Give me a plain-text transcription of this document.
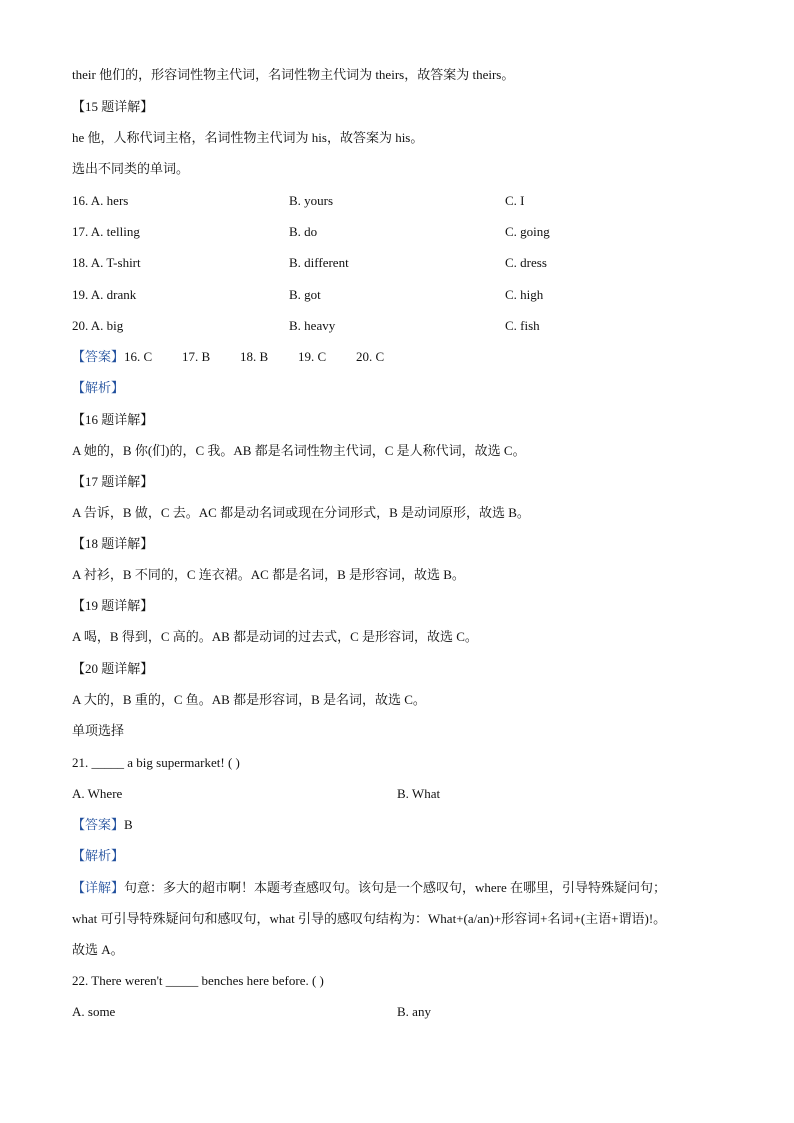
their 他们的，形容词性物主代词，名词性物主代词为 theirs，故答案为 theirs。
【15 题详解】
he 他，人称代词主格，名词性物主代词为 his，故答案为 his。
选出不同类的单词。
16. A. hers	B. yours	C. I
17. A. telling	B. do	C. going
18. A. T-shirt	B. different	C. dress
19. A. drank	B. got	C. high
20. A. big	B. heavy	C. fish
【答案】16. C 17. B 18. B 19. C 20. C
【解析】
【16 题详解】
A 她的，B 你(们)的，C 我。AB 都是名词性物主代词，C 是人称代词，故选 C。
【17 题详解】
A 告诉，B 做，C 去。AC 都是动名词或现在分词形式，B 是动词原形，故选 B。
【18 题详解】
A 衬衫，B 不同的，C 连衣裙。AC 都是名词，B 是形容词，故选 B。
【19 题详解】
A 喝，B 得到，C 高的。AB 都是动词的过去式，C 是形容词，故选 C。
【20 题详解】
A 大的，B 重的，C 鱼。AB 都是形容词，B 是名词，故选 C。
单项选择
21. _____ a big supermarket! ( )
A. Where	B. What
【答案】B
【解析】
【详解】句意：多大的超市啊！本题考查感叹句。该句是一个感叹句，where 在哪里，引导特殊疑问句；
what 可引导特殊疑问句和感叹句，what 引导的感叹句结构为：What+(a/an)+形容词+名词+(主语+谓语)!。
故选 A。
22. There weren't _____ benches here before. ( )
A. some	B. any
